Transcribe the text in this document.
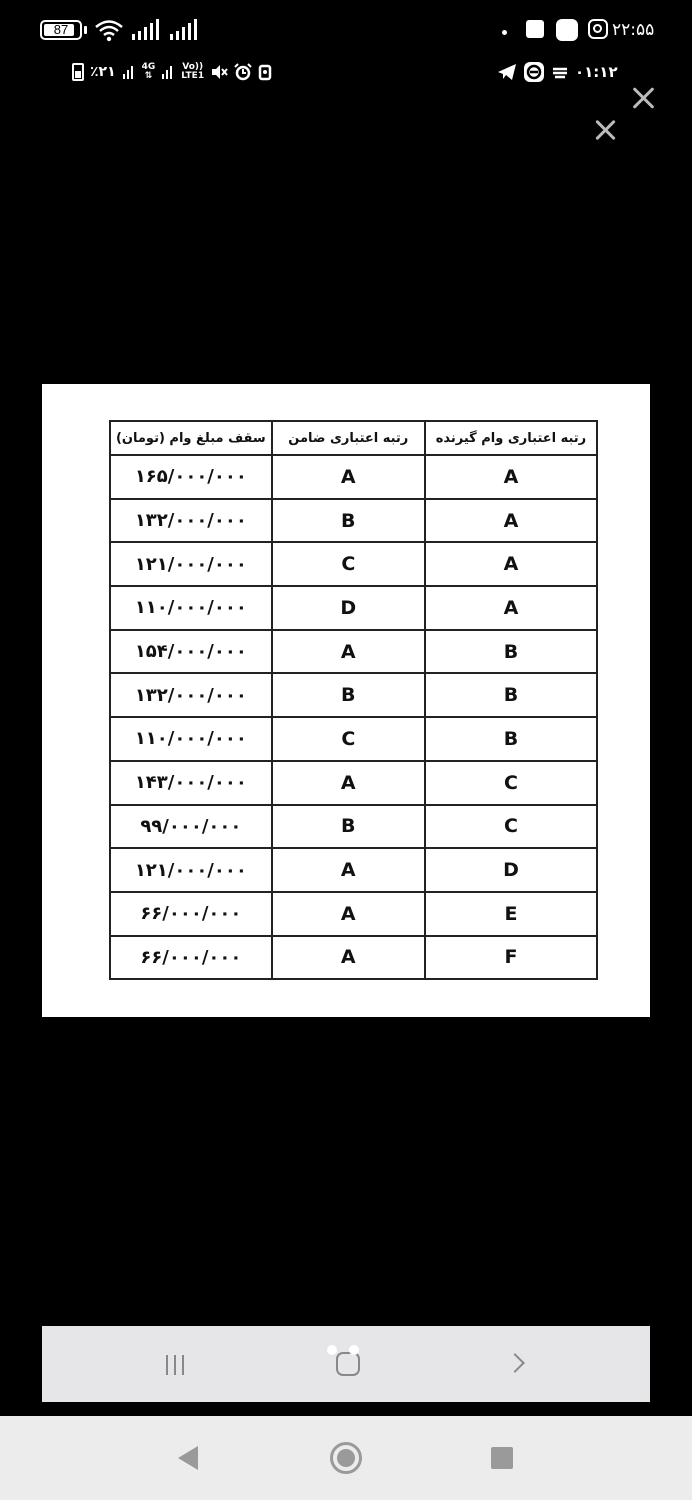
87	۲۲:۵۵
٪۲۱	4G
⇅
Vo))
LTE1	۰۱:۱۲
رتبه اعتباری وام گیرنده	رتبه اعتباری ضامن	سقف مبلغ وام (تومان)
A	A	۱۶۵/۰۰۰/۰۰۰
A	B	۱۳۲/۰۰۰/۰۰۰
A	C	۱۲۱/۰۰۰/۰۰۰
A	D	۱۱۰/۰۰۰/۰۰۰
B	A	۱۵۴/۰۰۰/۰۰۰
B	B	۱۳۲/۰۰۰/۰۰۰
B	C	۱۱۰/۰۰۰/۰۰۰
C	A	۱۴۳/۰۰۰/۰۰۰
C	B	۹۹/۰۰۰/۰۰۰
D	A	۱۲۱/۰۰۰/۰۰۰
E	A	۶۶/۰۰۰/۰۰۰
F	A	۶۶/۰۰۰/۰۰۰
